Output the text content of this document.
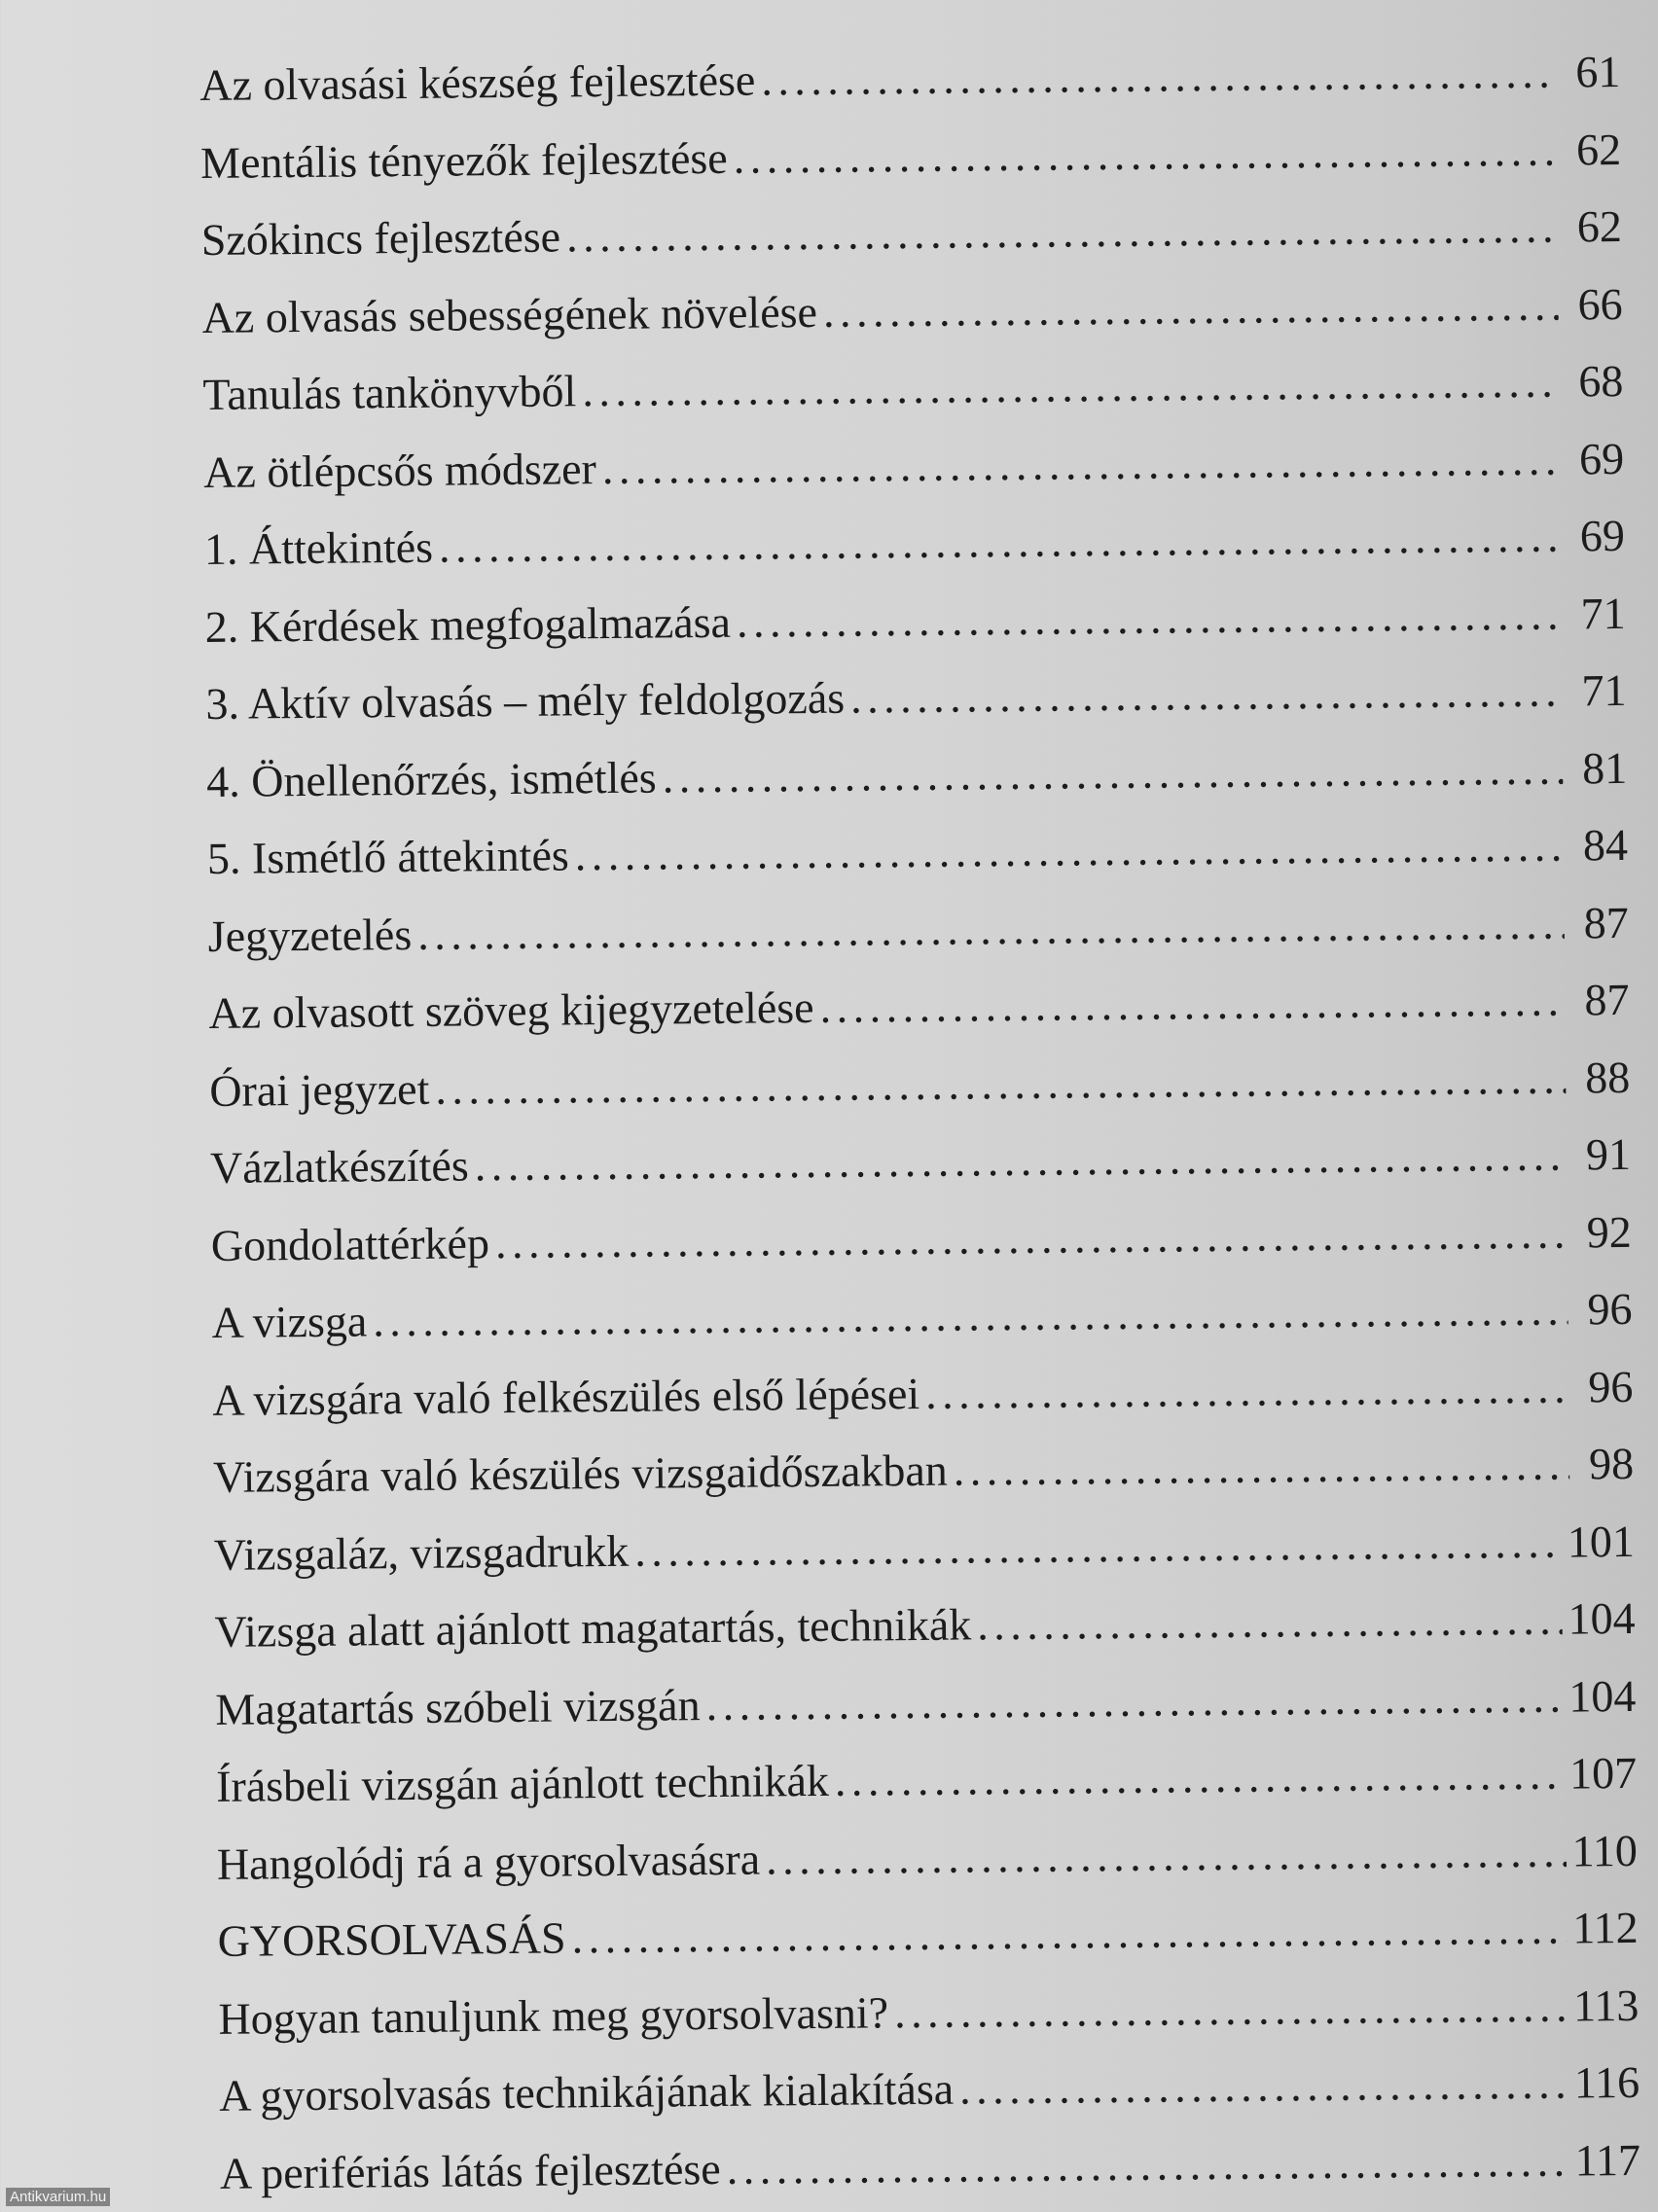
Az olvasási készség fejlesztése . . .	61
Mentális tényezők fejlesztése . . .	62
Szókincs fejlesztése . . .	62
Az olvasás sebességének növelése . . .	66
Tanulás tankönyvből . . .	68
Az ötlépcsős módszer . . .	69
1. Áttekintés . . .	69
2. Kérdések megfogalmazása . . .	71
3. Aktív olvasás – mély feldolgozás . . .	71
4. Önellenőrzés, ismétlés . . .	81
5. Ismétlő áttekintés . . .	84
Jegyzetelés . . .	87
Az olvasott szöveg kijegyzetelése . . .	87
Órai jegyzet . . .	88
Vázlatkészítés . . .	91
Gondolattérkép . . .	92
A vizsga . . .	96
A vizsgára való felkészülés első lépései . . .	96
Vizsgára való készülés vizsgaidőszakban . . .	98
Vizsgaláz, vizsgadrukk . . .	101
Vizsga alatt ajánlott magatartás, technikák . . .	104
Magatartás szóbeli vizsgán . . .	104
Írásbeli vizsgán ajánlott technikák . . .	107
Hangolódj rá a gyorsolvasásra . . .	110
GYORSOLVASÁS . . .	112
Hogyan tanuljunk meg gyorsolvasni? . . .	113
A gyorsolvasás technikájának kialakítása . . .	116
A perifériás látás fejlesztése . . .	117
Antikvarium.hu
